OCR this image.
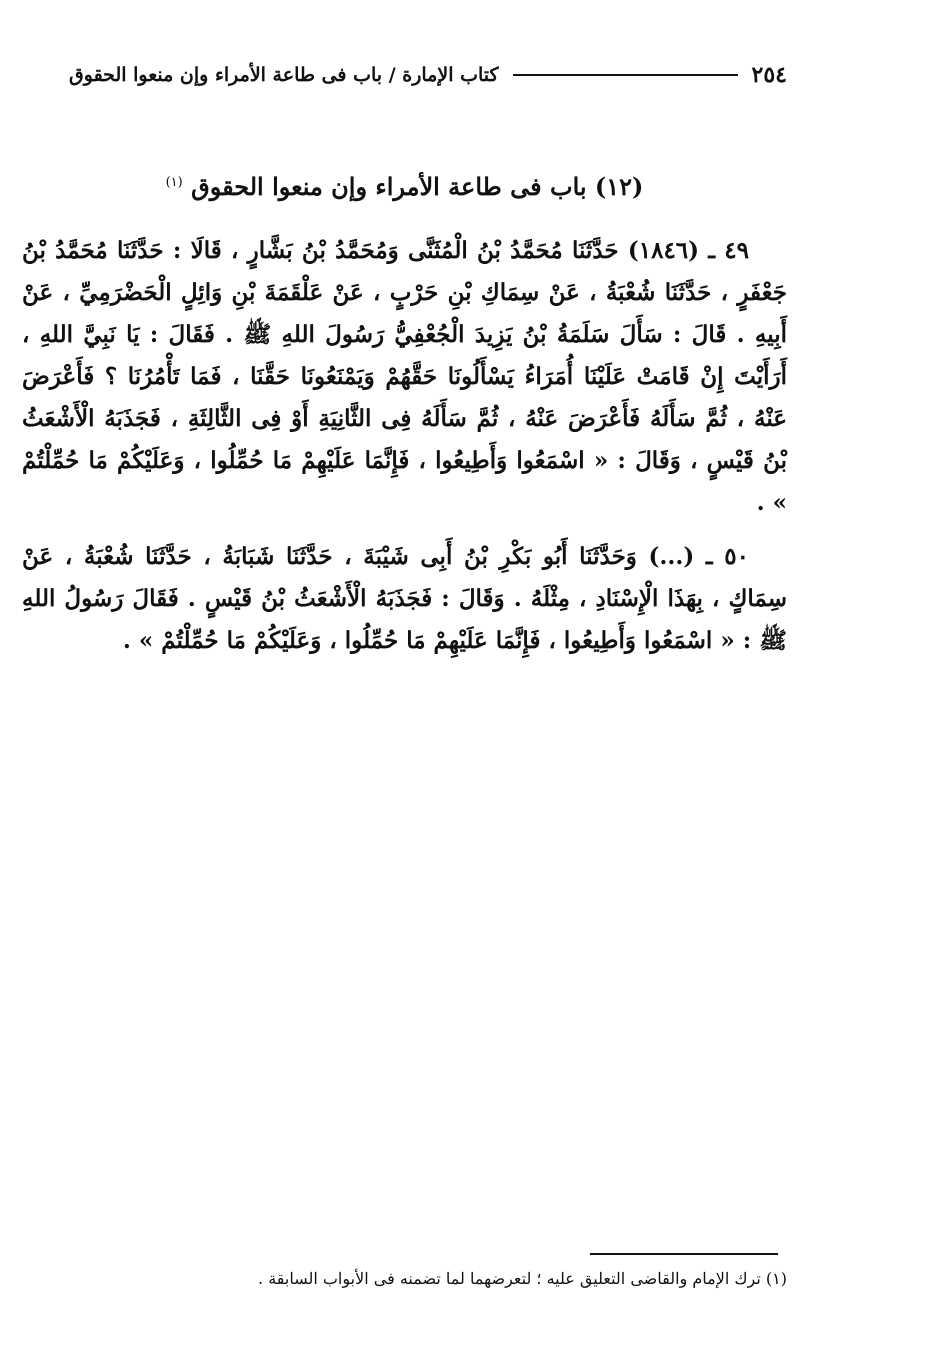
٢٥٤
كتاب الإمارة / باب فى طاعة الأمراء وإن منعوا الحقوق
(١٢) باب فى طاعة الأمراء وإن منعوا الحقوق $^{(١)}$

٤٩ ـ (١٨٤٦) حَدَّثَنَا مُحَمَّدُ بْنُ الْمُثَنَّى وَمُحَمَّدُ بْنُ بَشَّارٍ ، قَالَا : حَدَّثَنَا مُحَمَّدُ بْنُ جَعْفَرٍ ، حَدَّثَنَا شُعْبَةُ ، عَنْ سِمَاكِ بْنِ حَرْبٍ ، عَنْ عَلْقَمَةَ بْنِ وَائِلٍ الْحَضْرَمِيِّ ، عَنْ أَبِيهِ . قَالَ : سَأَلَ سَلَمَةُ بْنُ يَزِيدَ الْجُعْفِيُّ رَسُولَ اللهِ ﷺ . فَقَالَ : يَا نَبِيَّ اللهِ ، أَرَأَيْتَ إِنْ قَامَتْ عَلَيْنَا أُمَرَاءُ يَسْأَلُونَا حَقَّهُمْ وَيَمْنَعُونَا حَقَّنَا ، فَمَا تَأْمُرُنَا ؟ فَأَعْرَضَ عَنْهُ ، ثُمَّ سَأَلَهُ فَأَعْرَضَ عَنْهُ ، ثُمَّ سَأَلَهُ فِى الثَّانِيَةِ أَوْ فِى الثَّالِثَةِ ، فَجَذَبَهُ الْأَشْعَثُ بْنُ قَيْسٍ ، وَقَالَ : « اسْمَعُوا وَأَطِيعُوا ، فَإِنَّمَا عَلَيْهِمْ مَا حُمِّلُوا ، وَعَلَيْكُمْ مَا حُمِّلْتُمْ » .

٥٠ ـ (...) وَحَدَّثَنَا أَبُو بَكْرِ بْنُ أَبِى شَيْبَةَ ، حَدَّثَنَا شَبَابَةُ ، حَدَّثَنَا شُعْبَةُ ، عَنْ سِمَاكٍ ، بِهَذَا الْإِسْنَادِ ، مِثْلَهُ . وَقَالَ : فَجَذَبَهُ الْأَشْعَثُ بْنُ قَيْسٍ . فَقَالَ رَسُولُ اللهِ ﷺ : « اسْمَعُوا وَأَطِيعُوا ، فَإِنَّمَا عَلَيْهِمْ مَا حُمِّلُوا ، وَعَلَيْكُمْ مَا حُمِّلْتُمْ » .

(١) ترك الإمام والقاضى التعليق عليه ؛ لتعرضهما لما تضمنه فى الأبواب السابقة .
